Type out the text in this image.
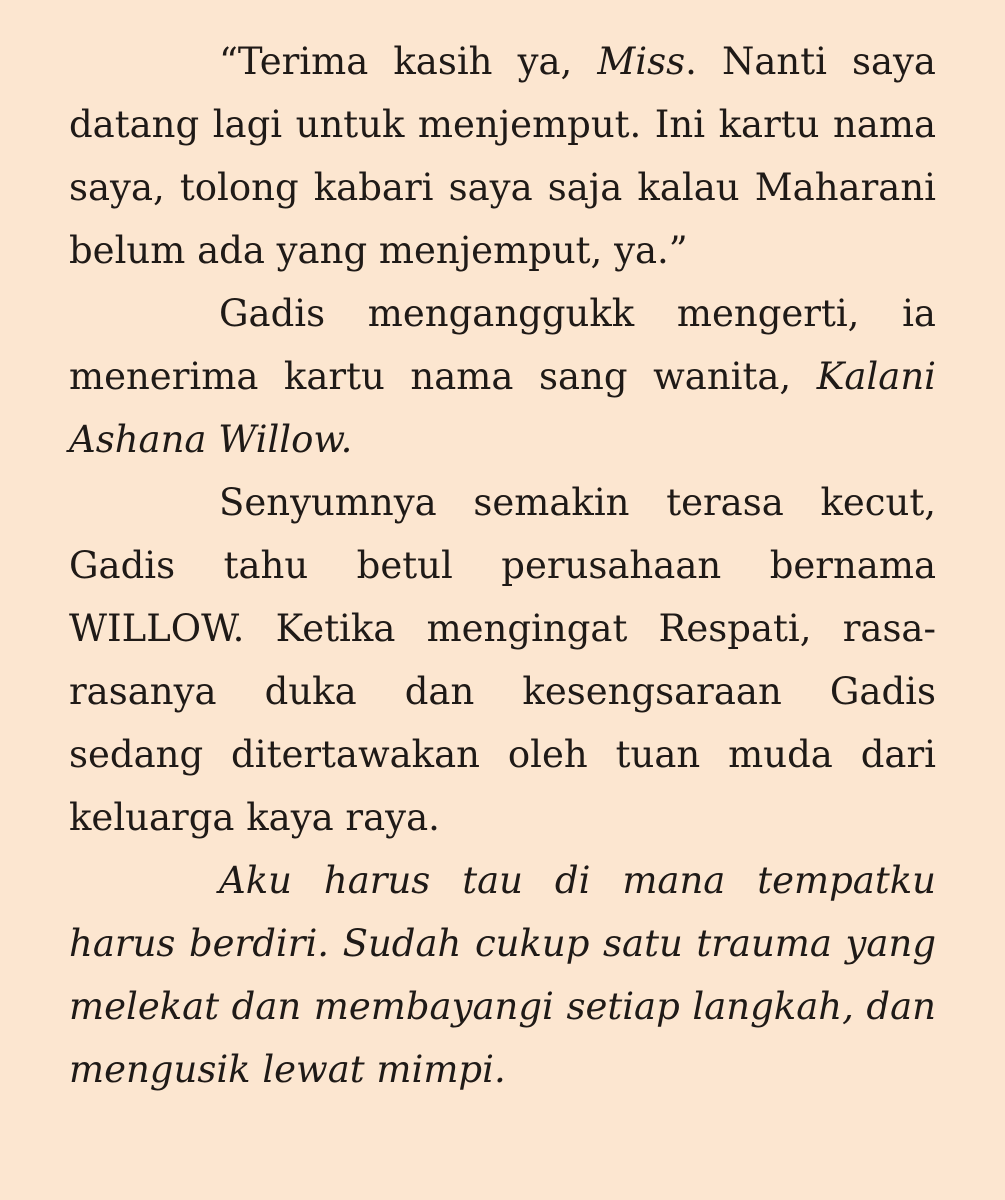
“Terima kasih ya, Miss. Nanti saya datang lagi untuk menjemput. Ini kartu nama saya, tolong kabari saya saja kalau Maharani belum ada yang menjemput, ya.”

Gadis menganggukk mengerti, ia menerima kartu nama sang wanita, Kalani Ashana Willow.

Senyumnya semakin terasa kecut, Gadis tahu betul perusahaan bernama WILLOW. Ketika mengingat Respati, rasa-rasanya duka dan kesengsaraan Gadis sedang ditertawakan oleh tuan muda dari keluarga kaya raya.

Aku harus tau di mana tempatku harus berdiri. Sudah cukup satu trauma yang melekat dan membayangi setiap langkah, dan mengusik lewat mimpi.
